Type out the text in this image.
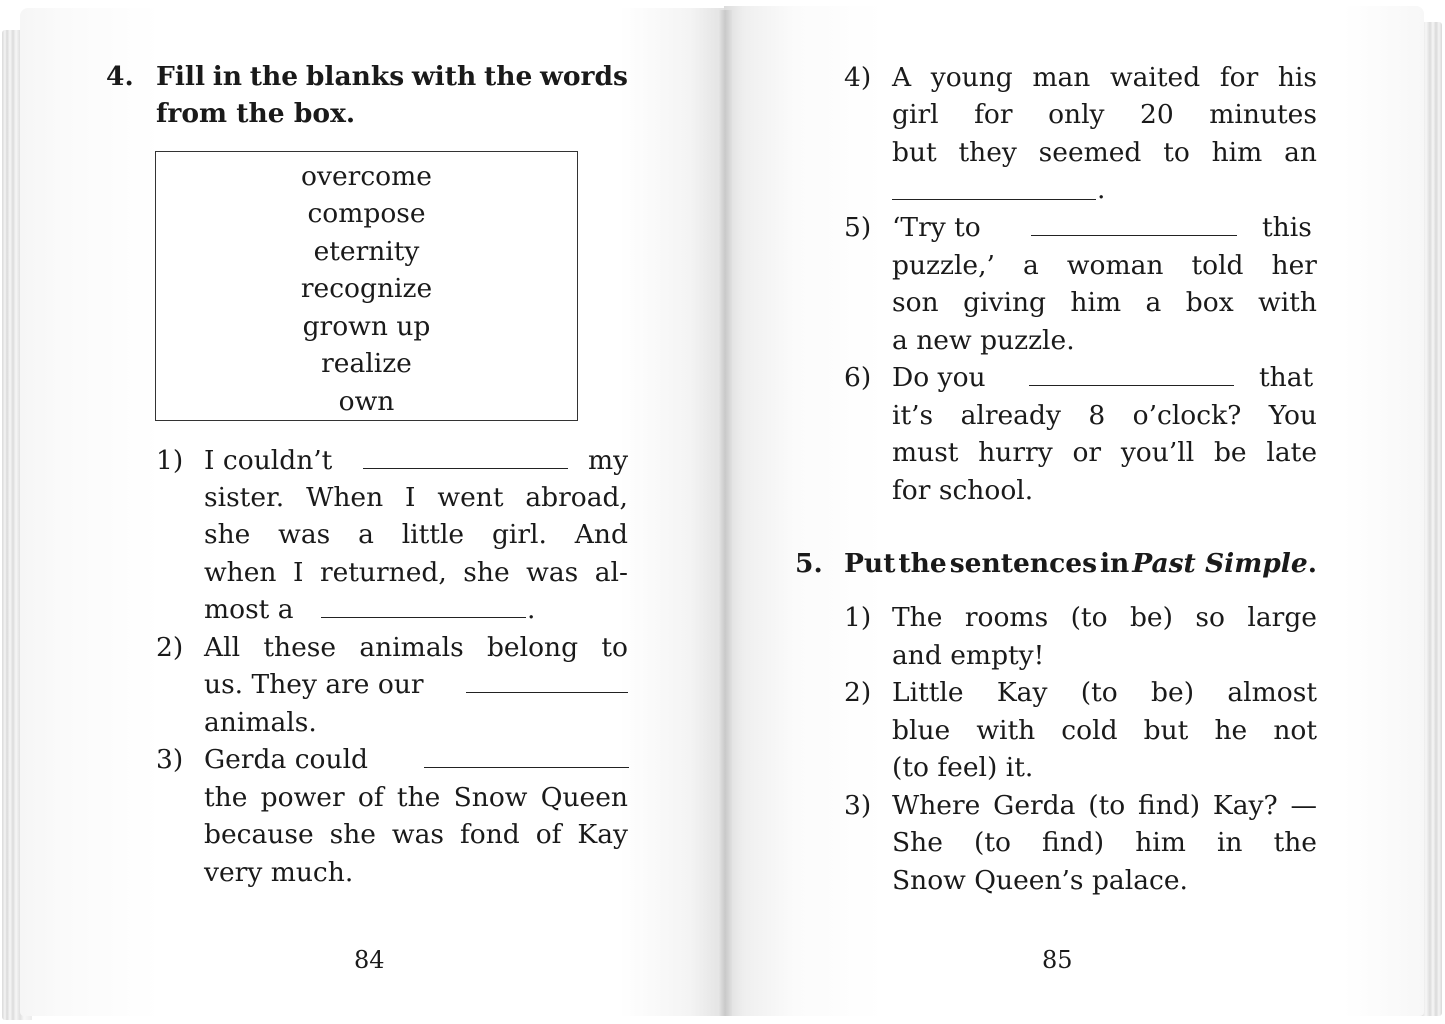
4. Fill in the blanks with the words
from the box.
overcome
compose
eternity
recognize
grown up
realize
own
1) I couldn’t	my
sister. When I went abroad,
she was a little girl. And
when I returned, she was al-
most a	.
2) All these animals belong to
us. They are our
animals.
3) Gerda could
the power of the Snow Queen
because she was fond of Kay
very much.
84
4) A young man waited for his
girl for only 20 minutes
but they seemed to him an
.
5) ‘Try to	this
puzzle,’ a woman told her
son giving him a box with
a new puzzle.
6) Do you	that
it’s already 8 o’clock? You
must hurry or you’ll be late
for school.
5. Put the sentences in Past Simple.
1) The rooms (to be) so large
and empty!
2) Little Kay (to be) almost
blue with cold but he not
(to feel) it.
3) Where Gerda (to find) Kay? —
She (to find) him in the
Snow Queen’s palace.
85
